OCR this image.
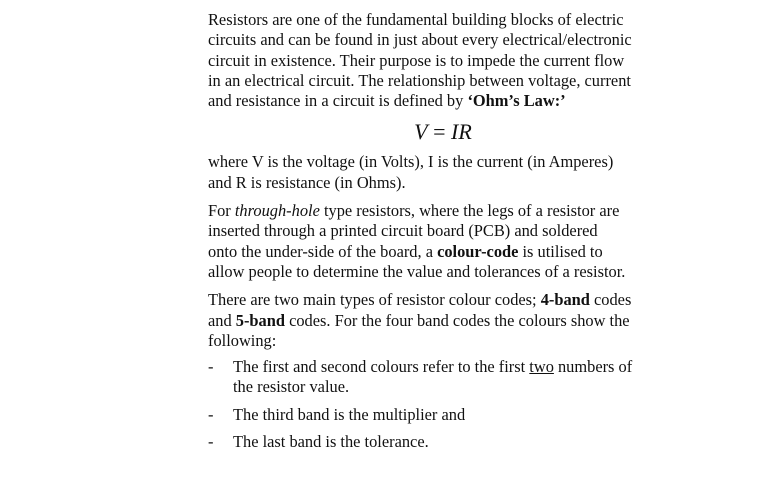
Resistors are one of the fundamental building blocks of electric
circuits and can be found in just about every electrical/electronic
circuit in existence. Their purpose is to impede the current flow
in an electrical circuit. The relationship between voltage, current
and resistance in a circuit is defined by ‘Ohm’s Law:’

V = IR

where V is the voltage (in Volts), I is the current (in Amperes)
and R is resistance (in Ohms).

For through-hole type resistors, where the legs of a resistor are
inserted through a printed circuit board (PCB) and soldered
onto the under-side of the board, a colour-code is utilised to
allow people to determine the value and tolerances of a resistor.

There are two main types of resistor colour codes; 4-band codes
and 5-band codes. For the four band codes the colours show the
following:

- The first and second colours refer to the first two numbers of
the resistor value.
- The third band is the multiplier and
- The last band is the tolerance.
